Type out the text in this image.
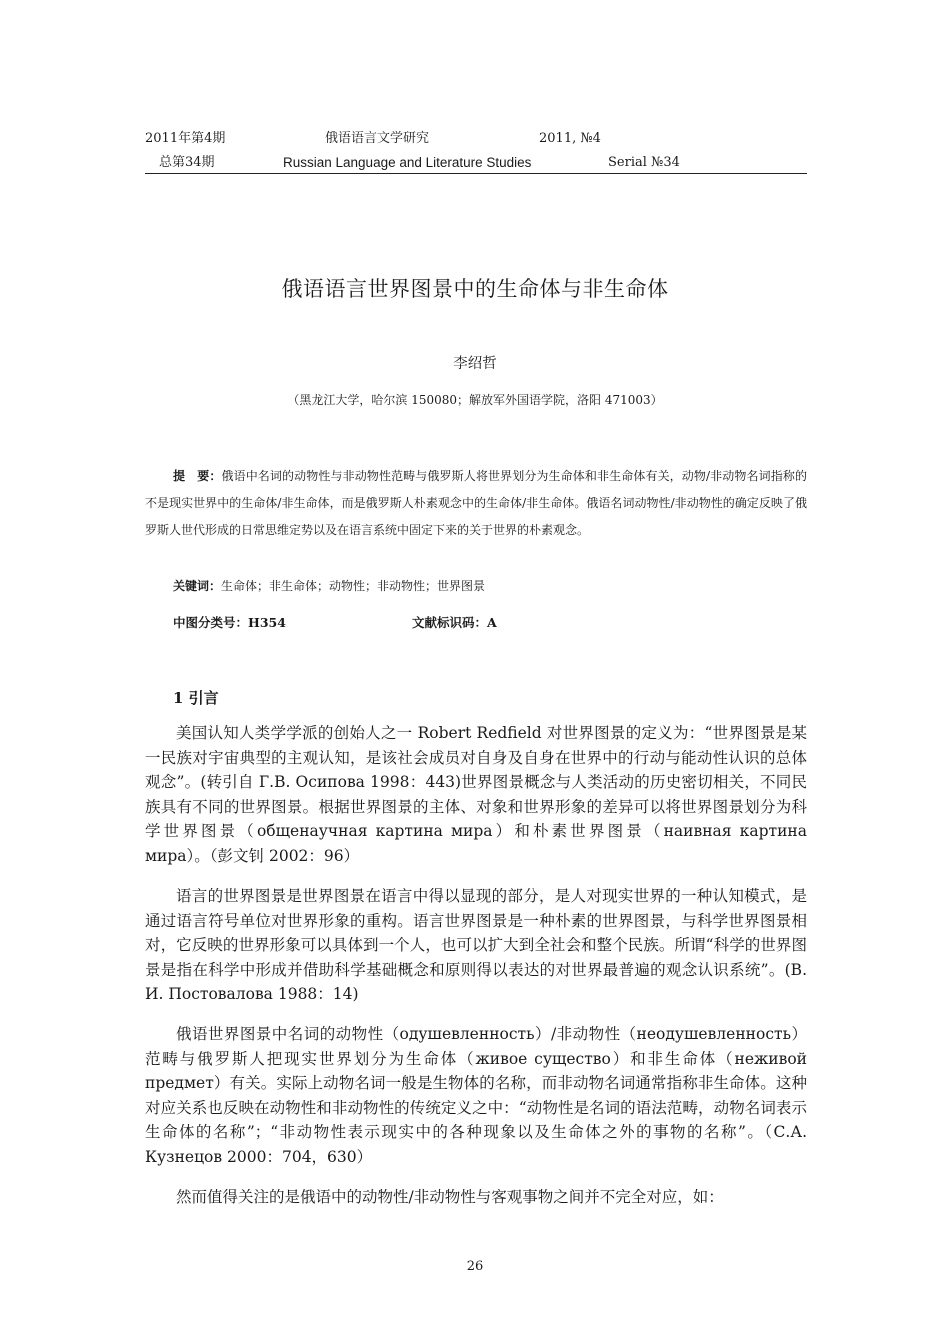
2011年第4期	俄语语言文学研究	2011, №4
总第34期	Russian Language and Literature Studies	Serial №34
俄语语言世界图景中的生命体与非生命体
李绍哲
（黑龙江大学，哈尔滨 150080；解放军外国语学院，洛阳 471003）
提　要：俄语中名词的动物性与非动物性范畴与俄罗斯人将世界划分为生命体和非生命体有关，动物/非动物名词指称的不是现实世界中的生命体/非生命体，而是俄罗斯人朴素观念中的生命体/非生命体。俄语名词动物性/非动物性的确定反映了俄罗斯人世代形成的日常思维定势以及在语言系统中固定下来的关于世界的朴素观念。
关键词：生命体；非生命体；动物性；非动物性；世界图景
中图分类号：H354	文献标识码：A
1 引言

美国认知人类学学派的创始人之一 Robert Redfield 对世界图景的定义为：“世界图景是某一民族对宇宙典型的主观认知，是该社会成员对自身及自身在世界中的行动与能动性认识的总体观念”。(转引自 Г.В. Осипова 1998：443)世界图景概念与人类活动的历史密切相关，不同民族具有不同的世界图景。根据世界图景的主体、对象和世界形象的差异可以将世界图景划分为科学世界图景（общенаучная картина мира）和朴素世界图景（наивная картина мира）。（彭文钊 2002：96）

语言的世界图景是世界图景在语言中得以显现的部分，是人对现实世界的一种认知模式，是通过语言符号单位对世界形象的重构。语言世界图景是一种朴素的世界图景，与科学世界图景相对，它反映的世界形象可以具体到一个人，也可以扩大到全社会和整个民族。所谓“科学的世界图景是指在科学中形成并借助科学基础概念和原则得以表达的对世界最普遍的观念认识系统”。(В. И. Постовалова 1988：14)

俄语世界图景中名词的动物性（одушевленность）/非动物性（неодушевленность）范畴与俄罗斯人把现实世界划分为生命体（живое существо）和非生命体（неживой предмет）有关。实际上动物名词一般是生物体的名称，而非动物名词通常指称非生命体。这种对应关系也反映在动物性和非动物性的传统定义之中：“动物性是名词的语法范畴，动物名词表示生命体的名称”；“非动物性表示现实中的各种现象以及生命体之外的事物的名称”。（С.А. Кузнецов 2000：704，630）

然而值得关注的是俄语中的动物性/非动物性与客观事物之间并不完全对应，如：

26
